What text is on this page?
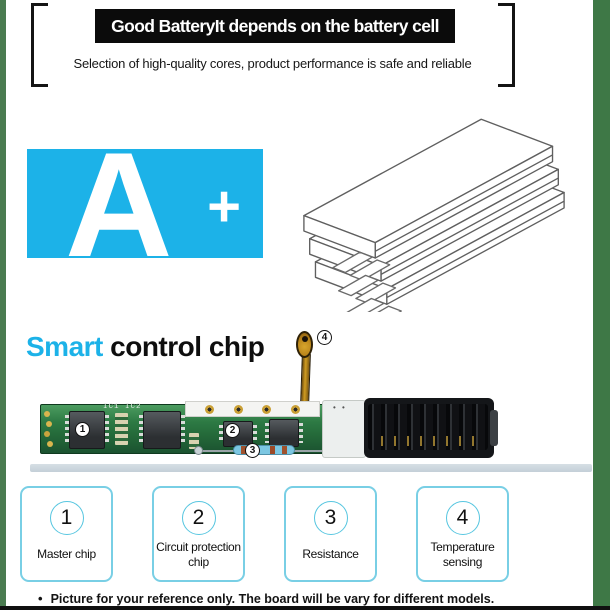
Good BatteryIt depends on the battery cell
Selection of high-quality cores, product performance is safe and reliable
A +
Smart control chip	4
IC1 IC2
1	2
3
• •
1
Master chip
2
Circuit protection chip
3
Resistance
4
Temperature sensing
• Picture for your reference only. The board will be vary for different models.
